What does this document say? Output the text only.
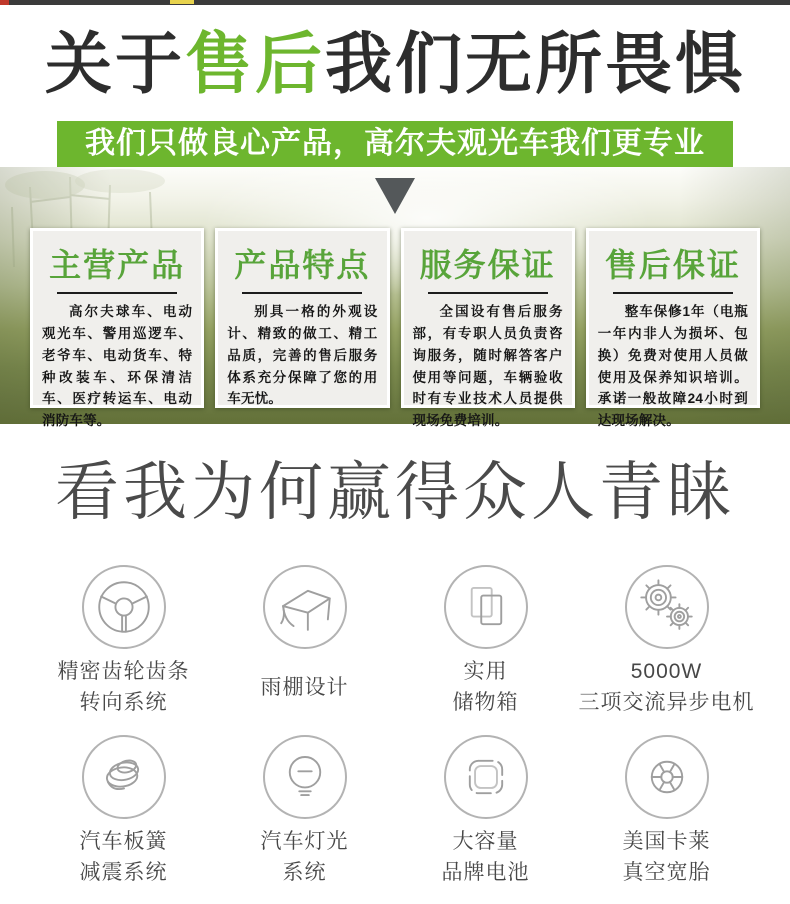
关于售后我们无所畏惧
我们只做良心产品，高尔夫观光车我们更专业
主营产品
高尔夫球车、电动观光车、警用巡逻车、老爷车、电动货车、特种改装车、环保清洁车、医疗转运车、电动消防车等。
产品特点
别具一格的外观设计、精致的做工、精工品质，完善的售后服务体系充分保障了您的用车无忧。
服务保证
全国设有售后服务部，有专职人员负责咨询服务，随时解答客户使用等问题，车辆验收时有专业技术人员提供现场免费培训。
售后保证
整车保修1年（电瓶一年内非人为损坏、包换）免费对使用人员做使用及保养知识培训。承诺一般故障24小时到达现场解决。
看我为何赢得众人青睐
精密齿轮齿条
转向系统
雨棚设计
实用
储物箱
5000W
三项交流异步电机
汽车板簧
减震系统
汽车灯光
系统
大容量
品牌电池
美国卡莱
真空宽胎
